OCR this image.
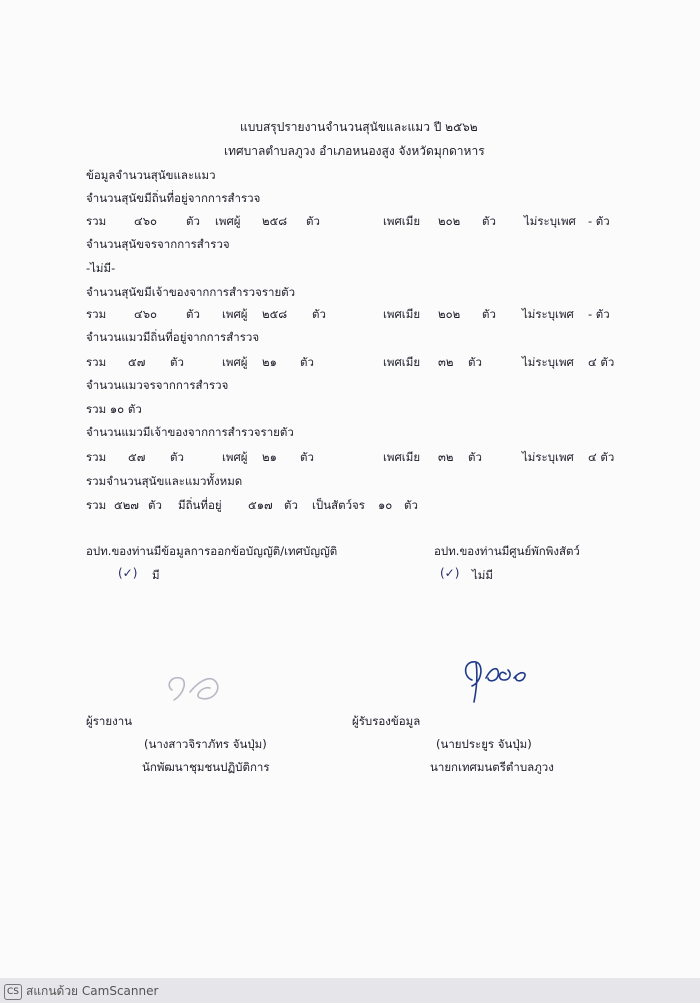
แบบสรุปรายงานจำนวนสุนัขและแมว ปี ๒๕๖๒
เทศบาลตำบลภูวง อำเภอหนองสูง จังหวัดมุกดาหาร
ข้อมูลจำนวนสุนัขและแมว
จำนวนสุนัขมีถิ่นที่อยู่จากการสำรวจ
รวม ๔๖๐	ตัว เพศผู้ ๒๕๘ ตัว	เพศเมีย ๒๐๒ ตัว ไม่ระบุเพศ - ตัว
จำนวนสุนัขจรจากการสำรวจ
-ไม่มี-
จำนวนสุนัขมีเจ้าของจากการสำรวจรายตัว
รวม ๔๖๐	ตัว เพศผู้ ๒๕๘ ตัว	เพศเมีย ๒๐๒ ตัว ไม่ระบุเพศ - ตัว
จำนวนแมวมีถิ่นที่อยู่จากการสำรวจ
รวม ๕๗ ตัว	เพศผู้ ๒๑ ตัว	เพศเมีย ๓๒ ตัว	ไม่ระบุเพศ ๔ ตัว
จำนวนแมวจรจากการสำรวจ
รวม ๑๐ ตัว
จำนวนแมวมีเจ้าของจากการสำรวจรายตัว
รวม ๕๗ ตัว	เพศผู้ ๒๑ ตัว	เพศเมีย ๓๒ ตัว	ไม่ระบุเพศ ๔ ตัว
รวมจำนวนสุนัขและแมวทั้งหมด
รวม ๕๒๗ ตัว มีถิ่นที่อยู่ ๕๑๗ ตัว เป็นสัตว์จร ๑๐ ตัว
อปท.ของท่านมีข้อมูลการออกข้อบัญญัติ/เทศบัญญัติ
(✓) มี
อปท.ของท่านมีศูนย์พักพิงสัตว์
(✓) ไม่มี
ผู้รายงาน
(นางสาวจิราภัทร จันปุ่ม)
นักพัฒนาชุมชนปฏิบัติการ
ผู้รับรองข้อมูล
(นายประยูร จันปุ่ม)
นายกเทศมนตรีตำบลภูวง
CS สแกนด้วย CamScanner
